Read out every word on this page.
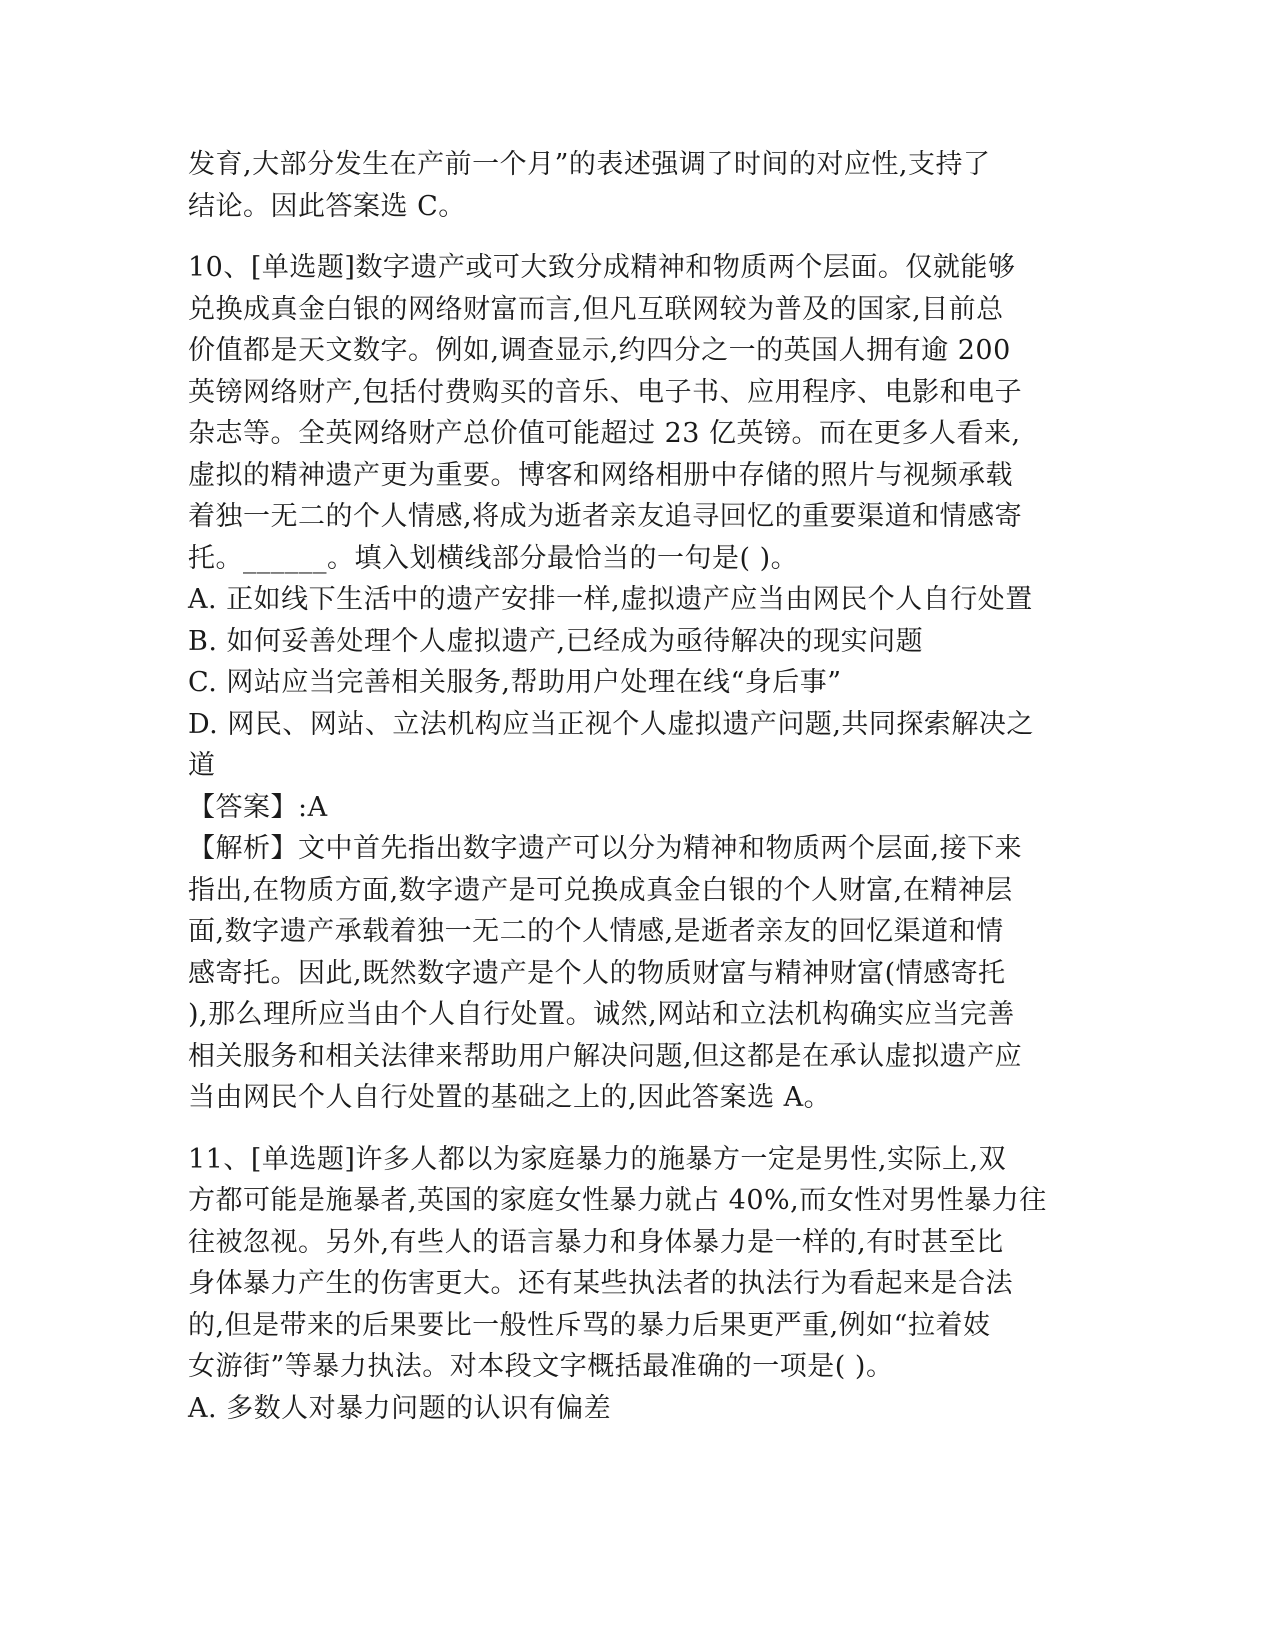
发育,大部分发生在产前一个月”的表述强调了时间的对应性,支持了
结论。因此答案选 C。
10、[单选题]数字遗产或可大致分成精神和物质两个层面。仅就能够
兑换成真金白银的网络财富而言,但凡互联网较为普及的国家,目前总
价值都是天文数字。例如,调查显示,约四分之一的英国人拥有逾 200
英镑网络财产,包括付费购买的音乐、电子书、应用程序、电影和电子
杂志等。全英网络财产总价值可能超过 23 亿英镑。而在更多人看来,
虚拟的精神遗产更为重要。博客和网络相册中存储的照片与视频承载
着独一无二的个人情感,将成为逝者亲友追寻回忆的重要渠道和情感寄
托。______。填入划横线部分最恰当的一句是( )。
A. 正如线下生活中的遗产安排一样,虚拟遗产应当由网民个人自行处置
B. 如何妥善处理个人虚拟遗产,已经成为亟待解决的现实问题
C. 网站应当完善相关服务,帮助用户处理在线“身后事”
D. 网民、网站、立法机构应当正视个人虚拟遗产问题,共同探索解决之
道
【答案】:A
【解析】文中首先指出数字遗产可以分为精神和物质两个层面,接下来
指出,在物质方面,数字遗产是可兑换成真金白银的个人财富,在精神层
面,数字遗产承载着独一无二的个人情感,是逝者亲友的回忆渠道和情
感寄托。因此,既然数字遗产是个人的物质财富与精神财富(情感寄托
),那么理所应当由个人自行处置。诚然,网站和立法机构确实应当完善
相关服务和相关法律来帮助用户解决问题,但这都是在承认虚拟遗产应
当由网民个人自行处置的基础之上的,因此答案选 A。
11、[单选题]许多人都以为家庭暴力的施暴方一定是男性,实际上,双
方都可能是施暴者,英国的家庭女性暴力就占 40%,而女性对男性暴力往
往被忽视。另外,有些人的语言暴力和身体暴力是一样的,有时甚至比
身体暴力产生的伤害更大。还有某些执法者的执法行为看起来是合法
的,但是带来的后果要比一般性斥骂的暴力后果更严重,例如“拉着妓
女游街”等暴力执法。对本段文字概括最准确的一项是( )。
A. 多数人对暴力问题的认识有偏差
